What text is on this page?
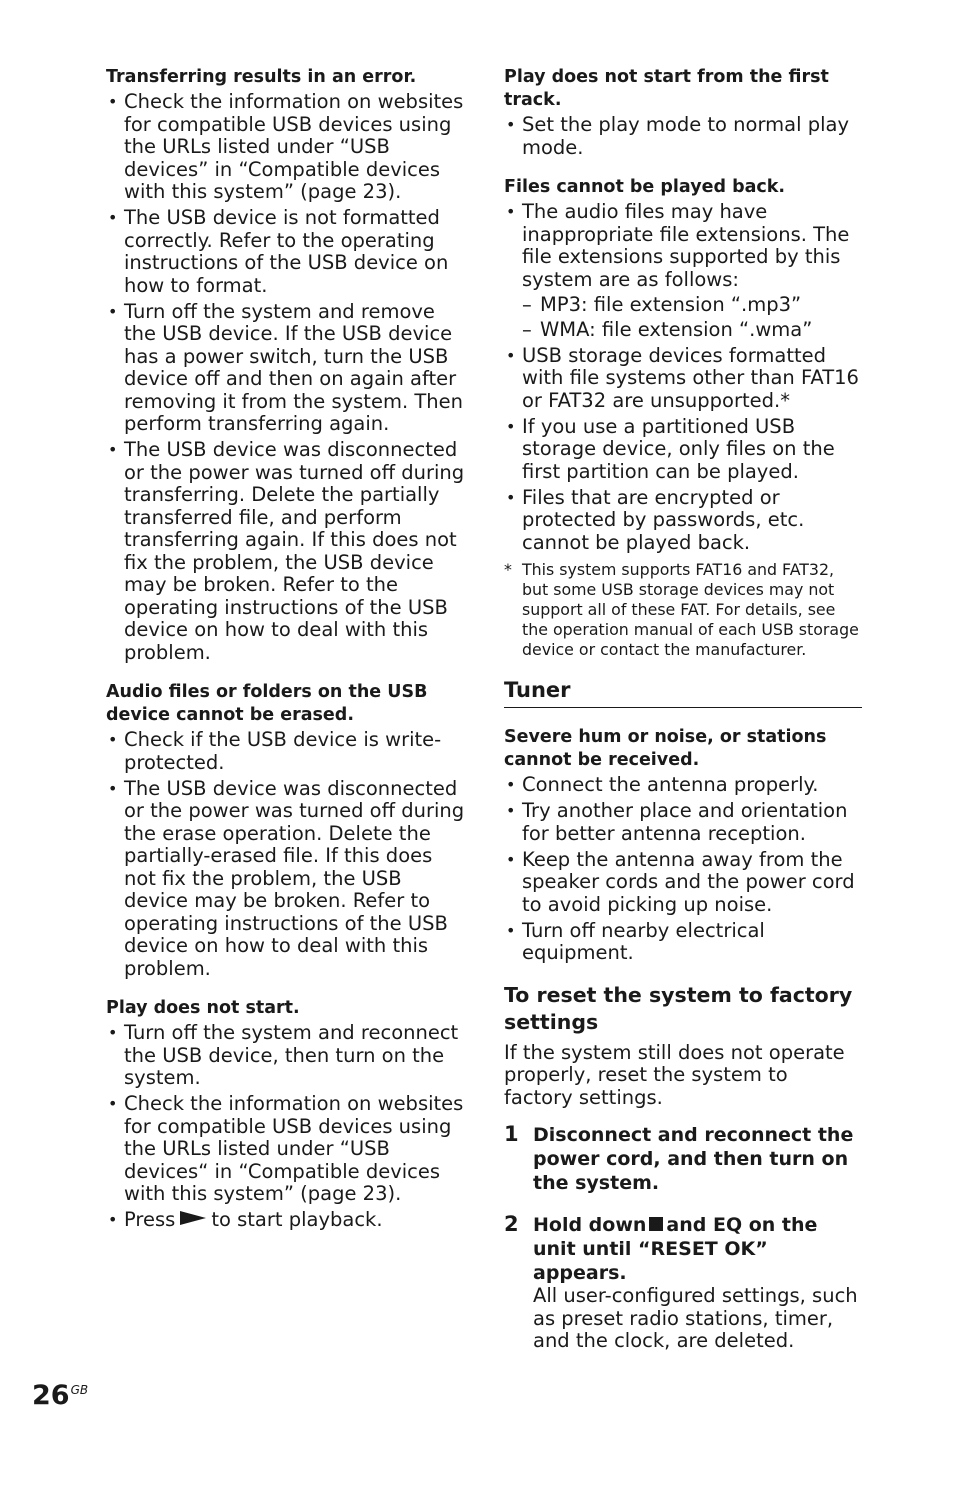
Transferring results in an error.
• Check the information on websites for compatible USB devices using the URLs listed under “USB devices” in “Compatible devices with this system” (page 23).
• The USB device is not formatted correctly. Refer to the operating instructions of the USB device on how to format.
• Turn off the system and remove the USB device. If the USB device has a power switch, turn the USB device off and then on again after removing it from the system. Then perform transferring again.
• The USB device was disconnected or the power was turned off during transferring. Delete the partially transferred file, and perform transferring again. If this does not fix the problem, the USB device may be broken. Refer to the operating instructions of the USB device on how to deal with this problem.
Audio files or folders on the USB device cannot be erased.
• Check if the USB device is write-protected.
• The USB device was disconnected or the power was turned off during the erase operation. Delete the partially-erased file. If this does not fix the problem, the USB device may be broken. Refer to operating instructions of the USB device on how to deal with this problem.
Play does not start.
• Turn off the system and reconnect the USB device, then turn on the system.
• Check the information on websites for compatible USB devices using the URLs listed under “USB devices“ in “Compatible devices with this system” (page 23).
• Press to start playback.
Play does not start from the first track.
• Set the play mode to normal play mode.
Files cannot be played back.
• The audio files may have inappropriate file extensions. The file extensions supported by this system are as follows:
– MP3: file extension “.mp3”
– WMA: file extension “.wma”
• USB storage devices formatted with file systems other than FAT16 or FAT32 are unsupported.*
• If you use a partitioned USB storage device, only files on the first partition can be played.
• Files that are encrypted or protected by passwords, etc. cannot be played back.
* This system supports FAT16 and FAT32, but some USB storage devices may not support all of these FAT. For details, see the operation manual of each USB storage device or contact the manufacturer.
Tuner
Severe hum or noise, or stations cannot be received.
• Connect the antenna properly.
• Try another place and orientation for better antenna reception.
• Keep the antenna away from the speaker cords and the power cord to avoid picking up noise.
• Turn off nearby electrical equipment.
To reset the system to factory settings

If the system still does not operate properly, reset the system to factory settings.

1 Disconnect and reconnect the power cord, and then turn on the system.
2 Hold down and EQ on the unit until “RESET OK” appears.
All user-configured settings, such as preset radio stations, timer, and the clock, are deleted.
$26^{GB}$
